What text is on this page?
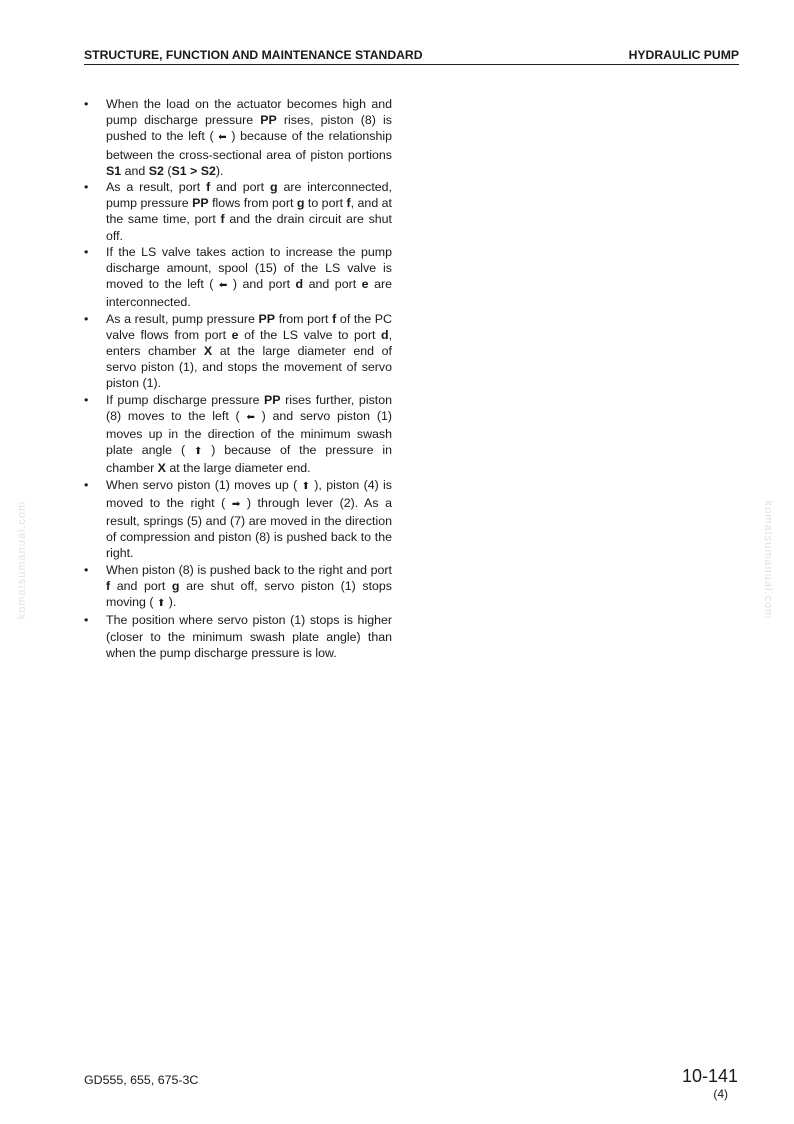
STRUCTURE, FUNCTION AND MAINTENANCE STANDARD	HYDRAULIC PUMP
• When the load on the actuator becomes high and pump discharge pressure PP rises, piston (8) is pushed to the left ( ⬅ ) because of the relationship between the cross-sectional area of piston portions S1 and S2 (S1 > S2).
• As a result, port f and port g are interconnected, pump pressure PP flows from port g to port f, and at the same time, port f and the drain circuit are shut off.
• If the LS valve takes action to increase the pump discharge amount, spool (15) of the LS valve is moved to the left ( ⬅ ) and port d and port e are interconnected.
• As a result, pump pressure PP from port f of the PC valve flows from port e of the LS valve to port d, enters chamber X at the large diameter end of servo piston (1), and stops the movement of servo piston (1).
• If pump discharge pressure PP rises further, piston (8) moves to the left ( ⬅ ) and servo piston (1) moves up in the direction of the minimum swash plate angle ( ⬆ ) because of the pressure in chamber X at the large diameter end.
• When servo piston (1) moves up ( ⬆ ), piston (4) is moved to the right ( ➡ ) through lever (2). As a result, springs (5) and (7) are moved in the direction of compression and piston (8) is pushed back to the right.
• When piston (8) is pushed back to the right and port f and port g are shut off, servo piston (1) stops moving ( ⬆ ).
• The position where servo piston (1) stops is higher (closer to the minimum swash plate angle) than when the pump discharge pressure is low.
komatsumanual.com	komatsumanual.com
GD555, 655, 675-3C	10-141
(4)
